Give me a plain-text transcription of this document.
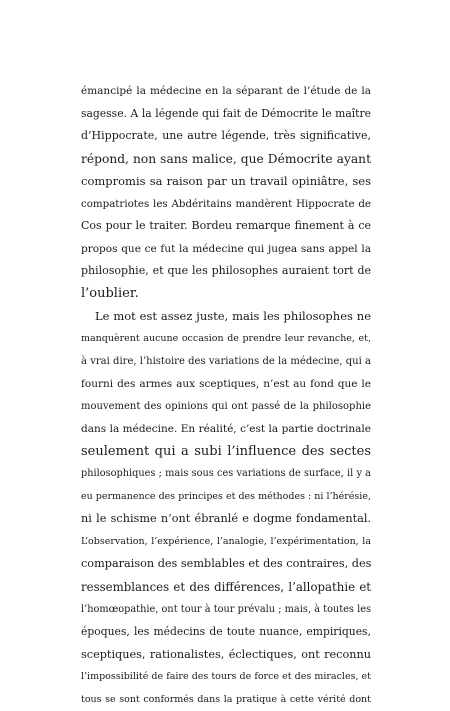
émancipé la médecine en la séparant de l’étude de la
sagesse. A la légende qui fait de Démocrite le maître
d’Hippocrate, une autre légende, très significative,
répond, non sans malice, que Démocrite ayant
compromis sa raison par un travail opiniâtre, ses
compatriotes les Abdéritains mandèrent Hippocrate de
Cos pour le traiter. Bordeu remarque finement à ce
propos que ce fut la médecine qui jugea sans appel la
philosophie, et que les philosophes auraient tort de
l’oublier.
Le mot est assez juste, mais les philosophes ne
manquèrent aucune occasion de prendre leur revanche, et,
à vrai dire, l’histoire des variations de la médecine, qui a
fourni des armes aux sceptiques, n’est au fond que le
mouvement des opinions qui ont passé de la philosophie
dans la médecine. En réalité, c’est la partie doctrinale
seulement qui a subi l’influence des sectes
philosophiques ; mais sous ces variations de surface, il y a
eu permanence des principes et des méthodes : ni l’hérésie,
ni le schisme n’ont ébranlé e dogme fondamental.
L’observation, l’expérience, l’analogie, l’expérimentation, la
comparaison des semblables et des contraires, des
ressemblances et des différences, l’allopathie et
l’homœopathie, ont tour à tour prévalu ; mais, à toutes les
époques, les médecins de toute nuance, empiriques,
sceptiques, rationalistes, éclectiques, ont reconnu
l’impossibilité de faire des tours de force et des miracles, et
tous se sont conformés dans la pratique à cette vérité dont
